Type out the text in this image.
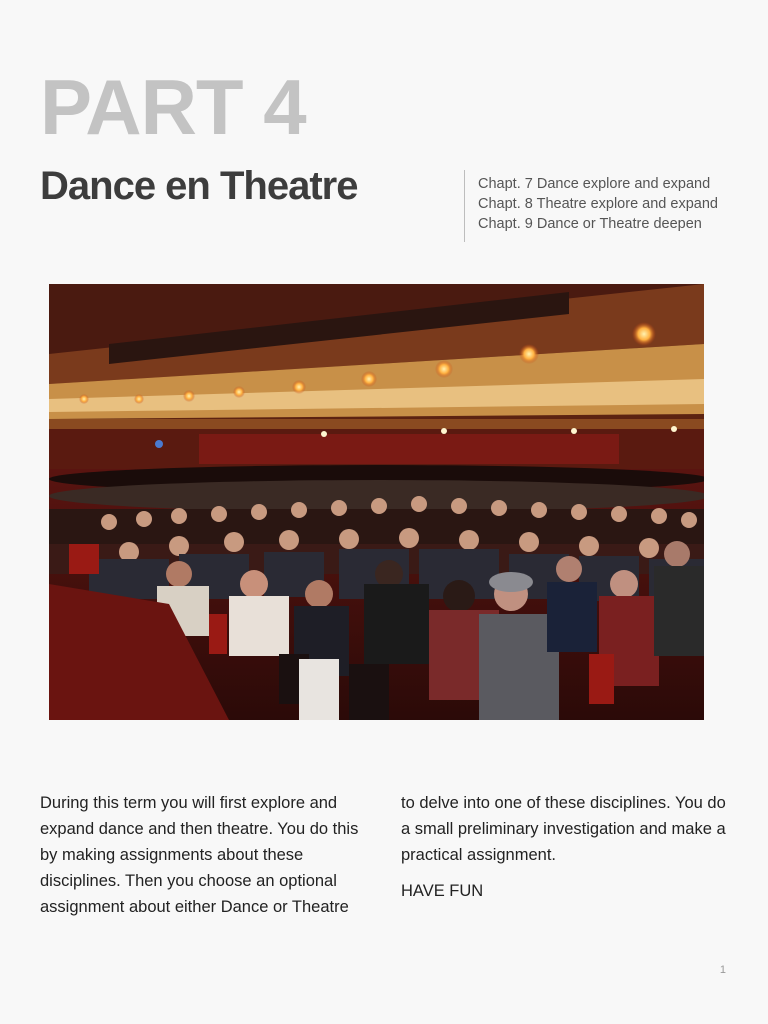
PART 4
Dance en Theatre	Chapt. 7 Dance explore and expand
Chapt. 8 Theatre explore and expand
Chapt. 9 Dance or Theatre deepen

During this term you will first explore and expand dance and then theatre. You do this by making assignments about these disciplines. Then you choose an optional assignment about either Dance or Theatre

to delve into one of these disciplines. You do a small preliminary investigation and make a practical assignment.

HAVE FUN

1
